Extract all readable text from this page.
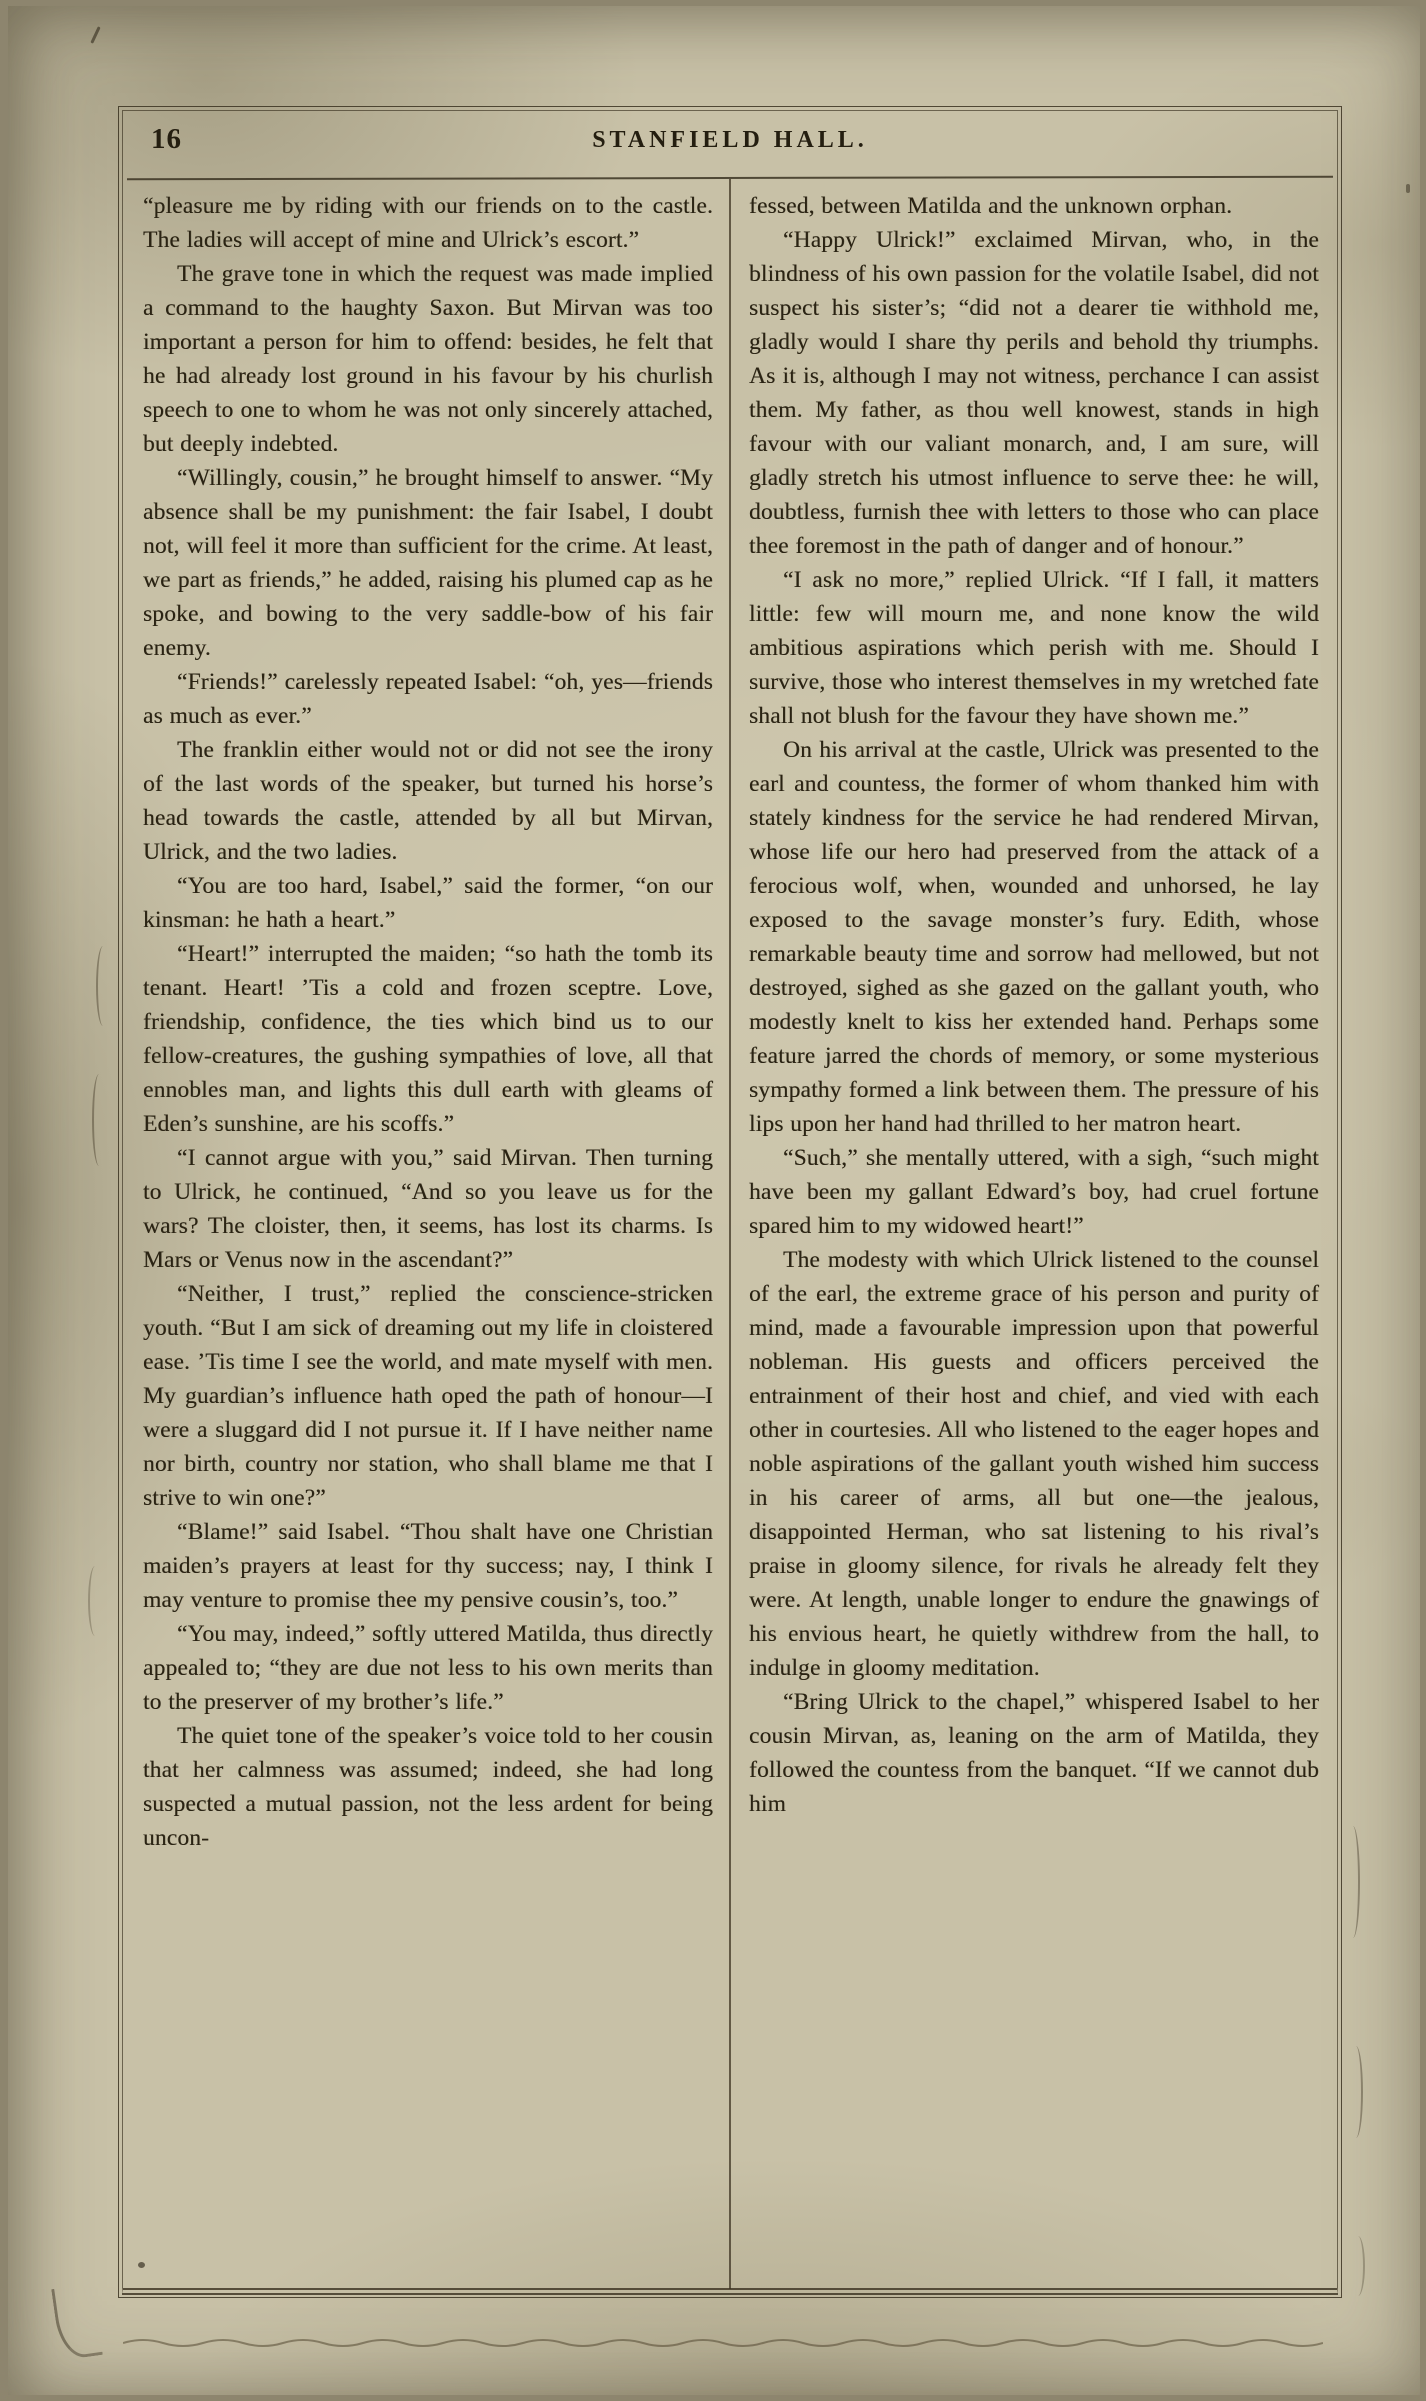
16	STANFIELD HALL.

“pleasure me by riding with our friends on to the castle. The ladies will accept of mine and Ulrick’s escort.”

The grave tone in which the request was made implied a command to the haughty Saxon. But Mirvan was too important a person for him to offend: besides, he felt that he had already lost ground in his favour by his churlish speech to one to whom he was not only sincerely attached, but deeply indebted.

“Willingly, cousin,” he brought himself to answer. “My absence shall be my punishment: the fair Isabel, I doubt not, will feel it more than sufficient for the crime. At least, we part as friends,” he added, raising his plumed cap as he spoke, and bowing to the very saddle-bow of his fair enemy.

“Friends!” carelessly repeated Isabel: “oh, yes—friends as much as ever.”

The franklin either would not or did not see the irony of the last words of the speaker, but turned his horse’s head towards the castle, attended by all but Mirvan, Ulrick, and the two ladies.

“You are too hard, Isabel,” said the former, “on our kinsman: he hath a heart.”

“Heart!” interrupted the maiden; “so hath the tomb its tenant. Heart! ’Tis a cold and frozen sceptre. Love, friendship, confidence, the ties which bind us to our fellow-creatures, the gushing sympathies of love, all that ennobles man, and lights this dull earth with gleams of Eden’s sunshine, are his scoffs.”

“I cannot argue with you,” said Mirvan. Then turning to Ulrick, he continued, “And so you leave us for the wars? The cloister, then, it seems, has lost its charms. Is Mars or Venus now in the ascendant?”

“Neither, I trust,” replied the conscience-stricken youth. “But I am sick of dreaming out my life in cloistered ease. ’Tis time I see the world, and mate myself with men. My guardian’s influence hath oped the path of honour—I were a sluggard did I not pursue it. If I have neither name nor birth, country nor station, who shall blame me that I strive to win one?”

“Blame!” said Isabel. “Thou shalt have one Christian maiden’s prayers at least for thy success; nay, I think I may venture to promise thee my pensive cousin’s, too.”

“You may, indeed,” softly uttered Matilda, thus directly appealed to; “they are due not less to his own merits than to the preserver of my brother’s life.”

The quiet tone of the speaker’s voice told to her cousin that her calmness was assumed; indeed, she had long suspected a mutual passion, not the less ardent for being uncon-

fessed, between Matilda and the unknown orphan.

“Happy Ulrick!” exclaimed Mirvan, who, in the blindness of his own passion for the volatile Isabel, did not suspect his sister’s; “did not a dearer tie withhold me, gladly would I share thy perils and behold thy triumphs. As it is, although I may not witness, perchance I can assist them. My father, as thou well knowest, stands in high favour with our valiant monarch, and, I am sure, will gladly stretch his utmost influence to serve thee: he will, doubtless, furnish thee with letters to those who can place thee foremost in the path of danger and of honour.”

“I ask no more,” replied Ulrick. “If I fall, it matters little: few will mourn me, and none know the wild ambitious aspirations which perish with me. Should I survive, those who interest themselves in my wretched fate shall not blush for the favour they have shown me.”

On his arrival at the castle, Ulrick was presented to the earl and countess, the former of whom thanked him with stately kindness for the service he had rendered Mirvan, whose life our hero had preserved from the attack of a ferocious wolf, when, wounded and unhorsed, he lay exposed to the savage monster’s fury. Edith, whose remarkable beauty time and sorrow had mellowed, but not destroyed, sighed as she gazed on the gallant youth, who modestly knelt to kiss her extended hand. Perhaps some feature jarred the chords of memory, or some mysterious sympathy formed a link between them. The pressure of his lips upon her hand had thrilled to her matron heart.

“Such,” she mentally uttered, with a sigh, “such might have been my gallant Edward’s boy, had cruel fortune spared him to my widowed heart!”

The modesty with which Ulrick listened to the counsel of the earl, the extreme grace of his person and purity of mind, made a favourable impression upon that powerful nobleman. His guests and officers perceived the entrainment of their host and chief, and vied with each other in courtesies. All who listened to the eager hopes and noble aspirations of the gallant youth wished him success in his career of arms, all but one—the jealous, disappointed Herman, who sat listening to his rival’s praise in gloomy silence, for rivals he already felt they were. At length, unable longer to endure the gnawings of his envious heart, he quietly withdrew from the hall, to indulge in gloomy meditation.

“Bring Ulrick to the chapel,” whispered Isabel to her cousin Mirvan, as, leaning on the arm of Matilda, they followed the countess from the banquet. “If we cannot dub him
